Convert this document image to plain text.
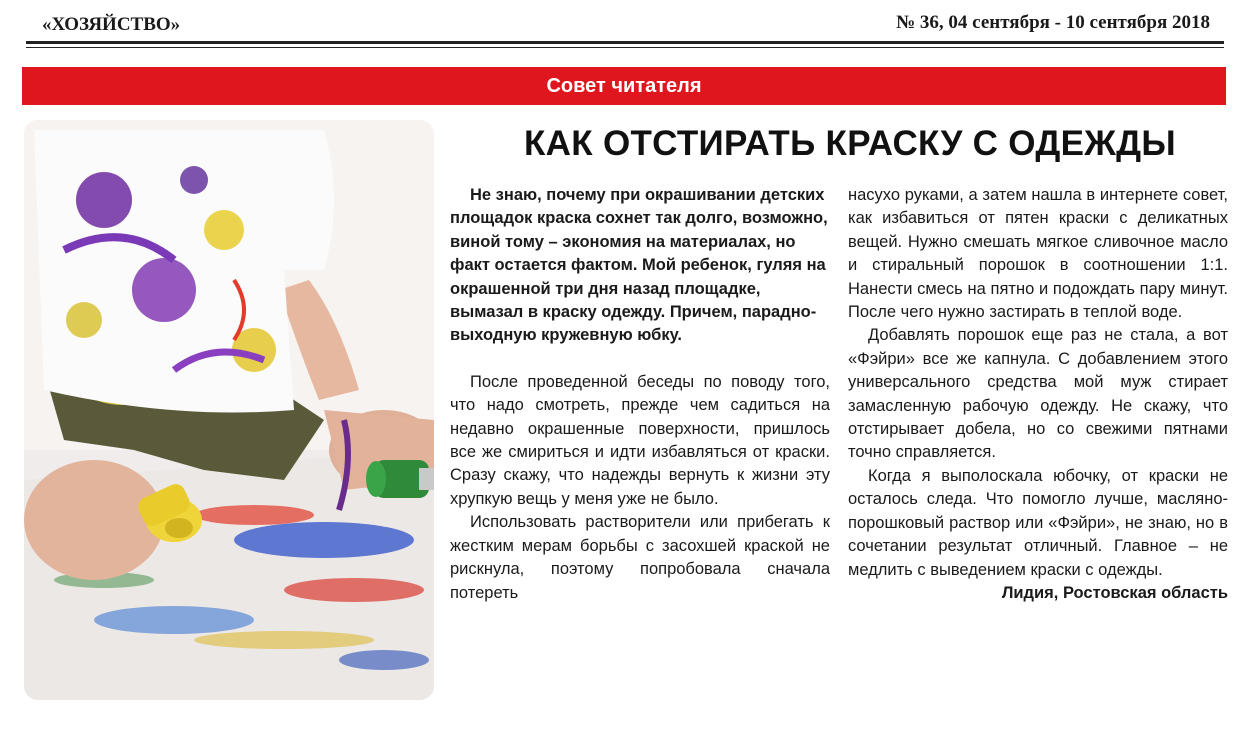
«ХОЗЯЙСТВО»	№ 36, 04 сентября - 10 сентября 2018
Совет читателя
КАК ОТСТИРАТЬ КРАСКУ С ОДЕЖДЫ

Не знаю, почему при окрашивании детских площадок краска сохнет так долго, возможно, виной тому – экономия на материалах, но факт остается фактом. Мой ребенок, гуляя на окрашенной три дня назад площадке, вымазал в краску одежду. Причем, парадно-выходную кружевную юбку.

После проведенной беседы по поводу того, что надо смотреть, прежде чем садиться на недавно окрашенные поверхности, пришлось все же смириться и идти избавляться от краски. Сразу скажу, что надежды вернуть к жизни эту хрупкую вещь у меня уже не было.

Использовать растворители или прибегать к жестким мерам борьбы с засохшей краской не рискнула, поэтому попробовала сначала потереть

насухо руками, а затем нашла в интернете совет, как избавиться от пятен краски с деликатных вещей. Нужно смешать мягкое сливочное масло и стиральный порошок в соотношении 1:1. Нанести смесь на пятно и подождать пару минут. После чего нужно застирать в теплой воде.

Добавлять порошок еще раз не стала, а вот «Фэйри» все же капнула. С добавлением этого универсального средства мой муж стирает замасленную рабочую одежду. Не скажу, что отстирывает добела, но со свежими пятнами точно справляется.

Когда я выполоскала юбочку, от краски не осталось следа. Что помогло лучше, масляно-порошковый раствор или «Фэйри», не знаю, но в сочетании результат отличный. Главное – не медлить с выведением краски с одежды.

Лидия, Ростовская область
